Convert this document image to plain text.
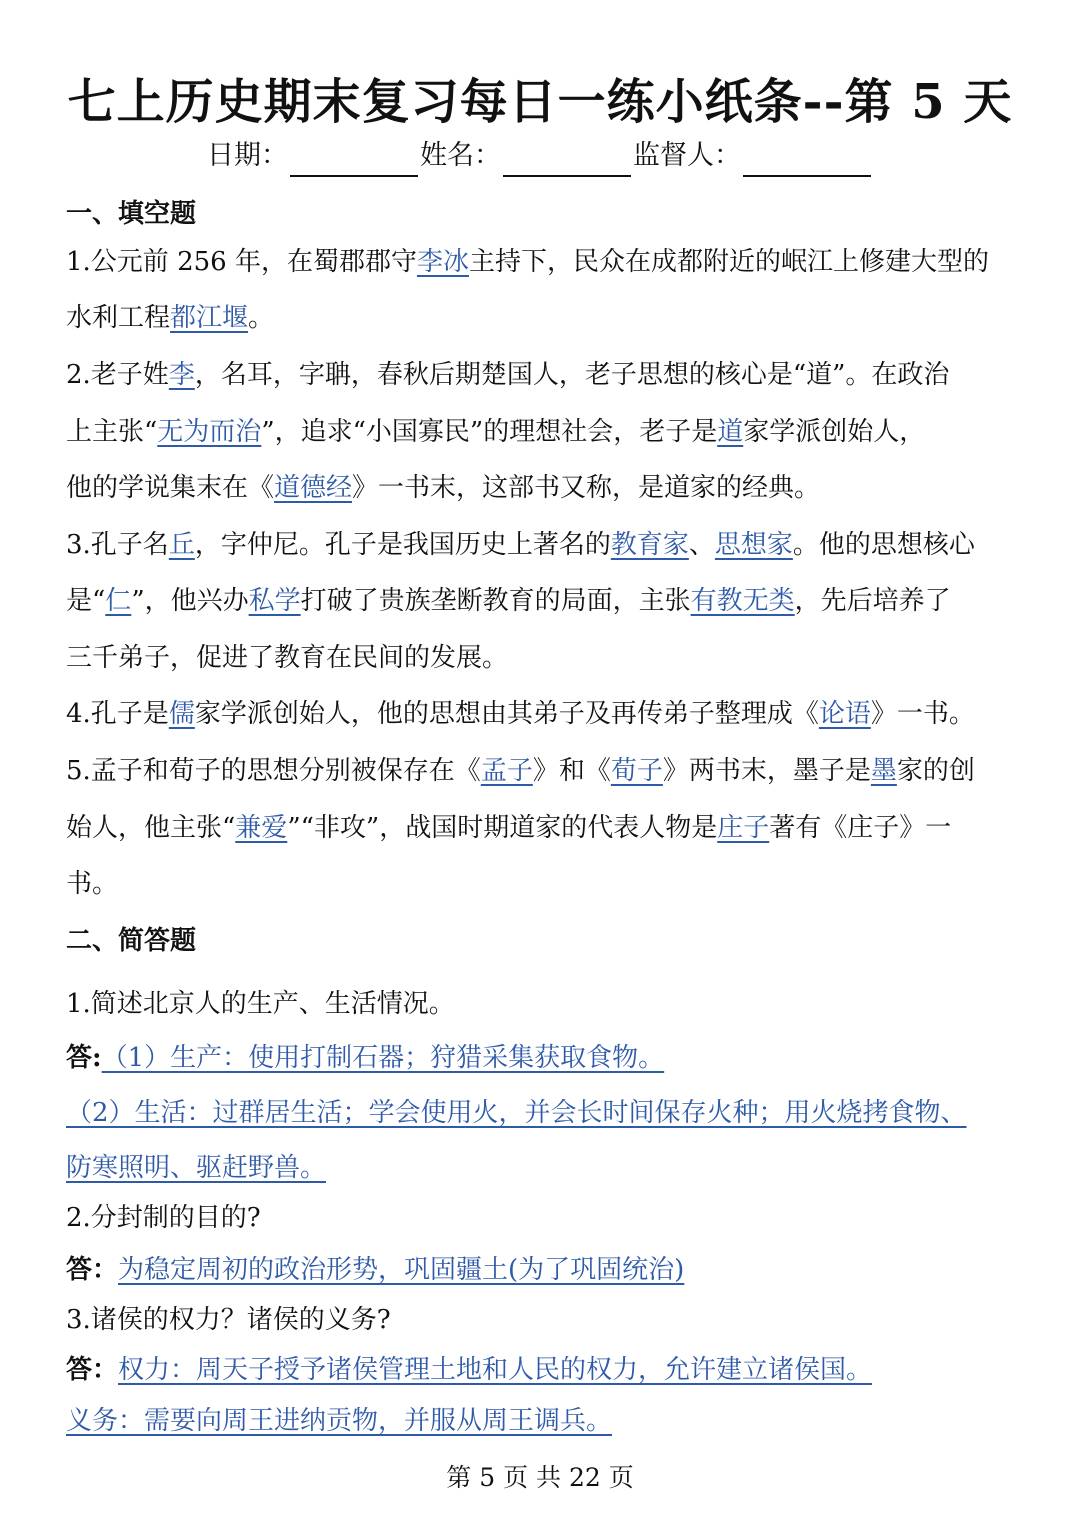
七上历史期末复习每日一练小纸条--第 5 天
日期：	姓名：	监督人：
一、填空题
1.公元前 256 年，在蜀郡郡守李冰主持下，民众在成都附近的岷江上修建大型的
水利工程都江堰。
2.老子姓李，名耳，字聃，春秋后期楚国人，老子思想的核心是“道”。在政治
上主张“无为而治”，追求“小国寡民”的理想社会，老子是道家学派创始人，
他的学说集末在《道德经》一书末，这部书又称，是道家的经典。
3.孔子名丘，字仲尼。孔子是我国历史上著名的教育家、思想家。他的思想核心
是“仁”，他兴办私学打破了贵族垄断教育的局面，主张有教无类，先后培养了
三千弟子，促进了教育在民间的发展。
4.孔子是儒家学派创始人，他的思想由其弟子及再传弟子整理成《论语》一书。
5.孟子和荀子的思想分别被保存在《孟子》和《荀子》两书末，墨子是墨家的创
始人，他主张“兼爱”“非攻”，战国时期道家的代表人物是庄子著有《庄子》一
书。
二、简答题
1.简述北京人的生产、生活情况。
答:（1）生产：使用打制石器；狩猎采集获取食物。
（2）生活：过群居生活；学会使用火，并会长时间保存火种；用火烧拷食物、
防寒照明、驱赶野兽。
2.分封制的目的?
答：为稳定周初的政治形势，巩固疆土(为了巩固统治)
3.诸侯的权力？诸侯的义务?
答：权力：周天子授予诸侯管理土地和人民的权力，允许建立诸侯国。
义务：需要向周王进纳贡物，并服从周王调兵。
第 5 页 共 22 页
